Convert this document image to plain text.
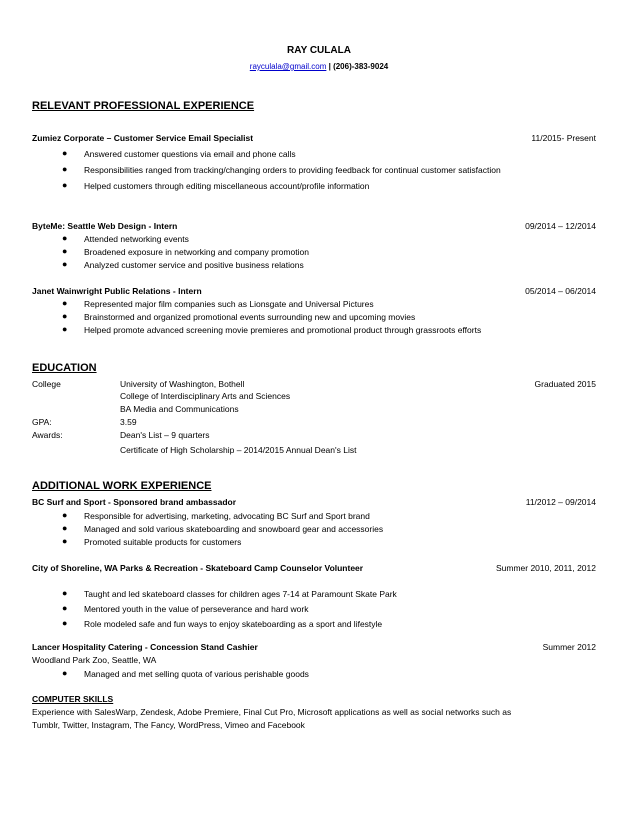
RAY CULALA
rayculala@gmail.com | (206)-383-9024
RELEVANT PROFESSIONAL EXPERIENCE
Zumiez Corporate – Customer Service Email Specialist	11/2015- Present
● Answered customer questions via email and phone calls
● Responsibilities ranged from tracking/changing orders to providing feedback for continual customer satisfaction
● Helped customers through editing miscellaneous account/profile information
ByteMe: Seattle Web Design - Intern	09/2014 – 12/2014
● Attended networking events
● Broadened exposure in networking and company promotion
● Analyzed customer service and positive business relations
Janet Wainwright Public Relations - Intern	05/2014 – 06/2014
● Represented major film companies such as Lionsgate and Universal Pictures
● Brainstormed and organized promotional events surrounding new and upcoming movies
● Helped promote advanced screening movie premieres and promotional product through grassroots efforts
EDUCATION
College	University of Washington, Bothell	Graduated 2015
College of Interdisciplinary Arts and Sciences
BA Media and Communications
GPA:	3.59
Awards:	Dean's List – 9 quarters
Certificate of High Scholarship – 2014/2015 Annual Dean's List
ADDITIONAL WORK EXPERIENCE
BC Surf and Sport - Sponsored brand ambassador	11/2012 – 09/2014
● Responsible for advertising, marketing, advocating BC Surf and Sport brand
● Managed and sold various skateboarding and snowboard gear and accessories
● Promoted suitable products for customers
City of Shoreline, WA Parks & Recreation - Skateboard Camp Counselor Volunteer	Summer 2010, 2011, 2012
● Taught and led skateboard classes for children ages 7-14 at Paramount Skate Park
● Mentored youth in the value of perseverance and hard work
● Role modeled safe and fun ways to enjoy skateboarding as a sport and lifestyle
Lancer Hospitality Catering - Concession Stand Cashier	Summer 2012
Woodland Park Zoo, Seattle, WA
● Managed and met selling quota of various perishable goods
COMPUTER SKILLS
Experience with SalesWarp, Zendesk, Adobe Premiere, Final Cut Pro, Microsoft applications as well as social networks such as
Tumblr, Twitter, Instagram, The Fancy, WordPress, Vimeo and Facebook
